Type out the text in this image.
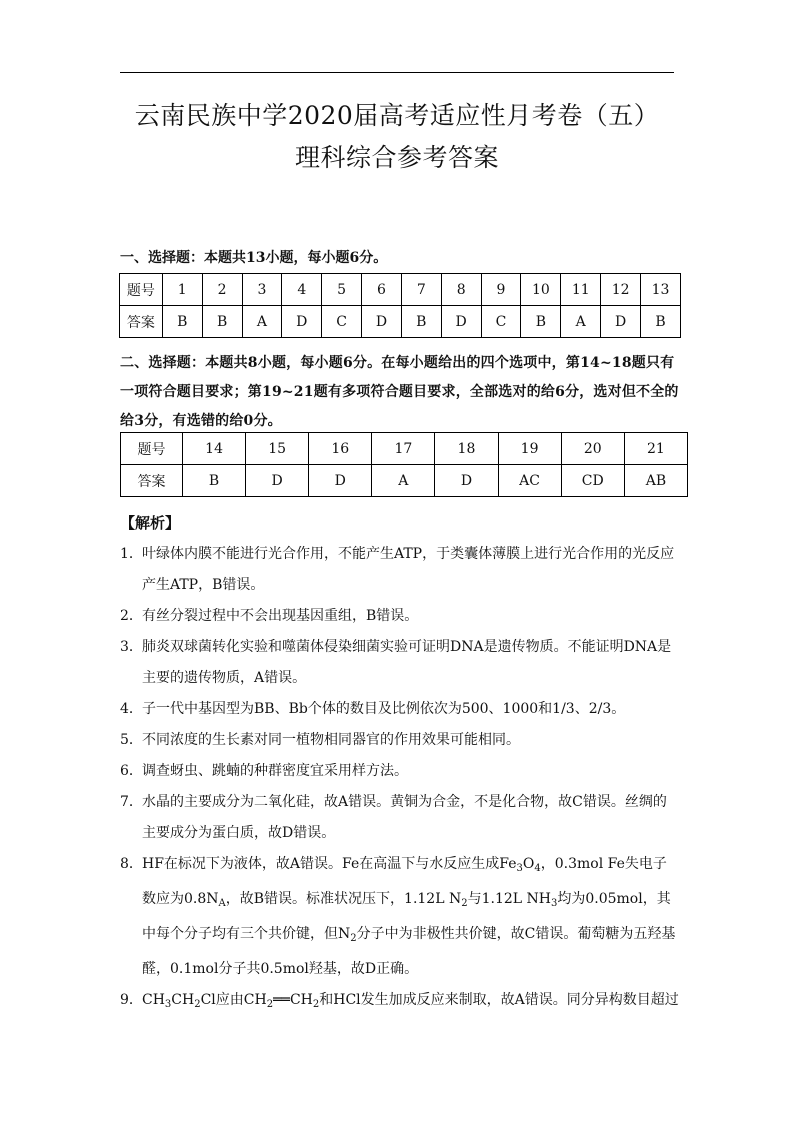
云南民族中学2020届高考适应性月考卷（五）
理科综合参考答案
一、选择题：本题共13小题，每小题6分。
题号	1	2	3	4	5	6	7	8	9	10	11	12	13
答案	B	B	A	D	C	D	B	D	C	B	A	D	B
二、选择题：本题共8小题，每小题6分。在每小题给出的四个选项中，第14~18题只有一项符合题目要求；第19~21题有多项符合题目要求，全部选对的给6分，选对但不全的给3分，有选错的给0分。
题号	14	15	16	17	18	19	20	21
答案	B	D	D	A	D	AC	CD	AB
【解析】
1． 叶绿体内膜不能进行光合作用，不能产生ATP，于类囊体薄膜上进行光合作用的光反应产生ATP，B错误。
2． 有丝分裂过程中不会出现基因重组，B错误。
3． 肺炎双球菌转化实验和噬菌体侵染细菌实验可证明DNA是遗传物质。不能证明DNA是主要的遗传物质，A错误。
4． 子一代中基因型为BB、Bb个体的数目及比例依次为500、1000和1/3、2/3。
5． 不同浓度的生长素对同一植物相同器官的作用效果可能相同。
6． 调查蚜虫、跳蝻的种群密度宜采用样方法。
7． 水晶的主要成分为二氧化硅，故A错误。黄铜为合金，不是化合物，故C错误。丝绸的主要成分为蛋白质，故D错误。
8． HF在标况下为液体，故A错误。Fe在高温下与水反应生成$Fe_3O_4$，0.3mol Fe失电子数应为$0.8N_A$，故B错误。标准状况压下，1.12L $N_2$与1.12L $NH_3$均为0.05mol，其中每个分子均有三个共价键，但$N_2$分子中为非极性共价键，故C错误。葡萄糖为五羟基醛，0.1mol分子共0.5mol羟基，故D正确。
9． $CH_3CH_2Cl$应由$CH_2══CH_2$和HCl发生加成反应来制取，故A错误。同分异构数目超过
